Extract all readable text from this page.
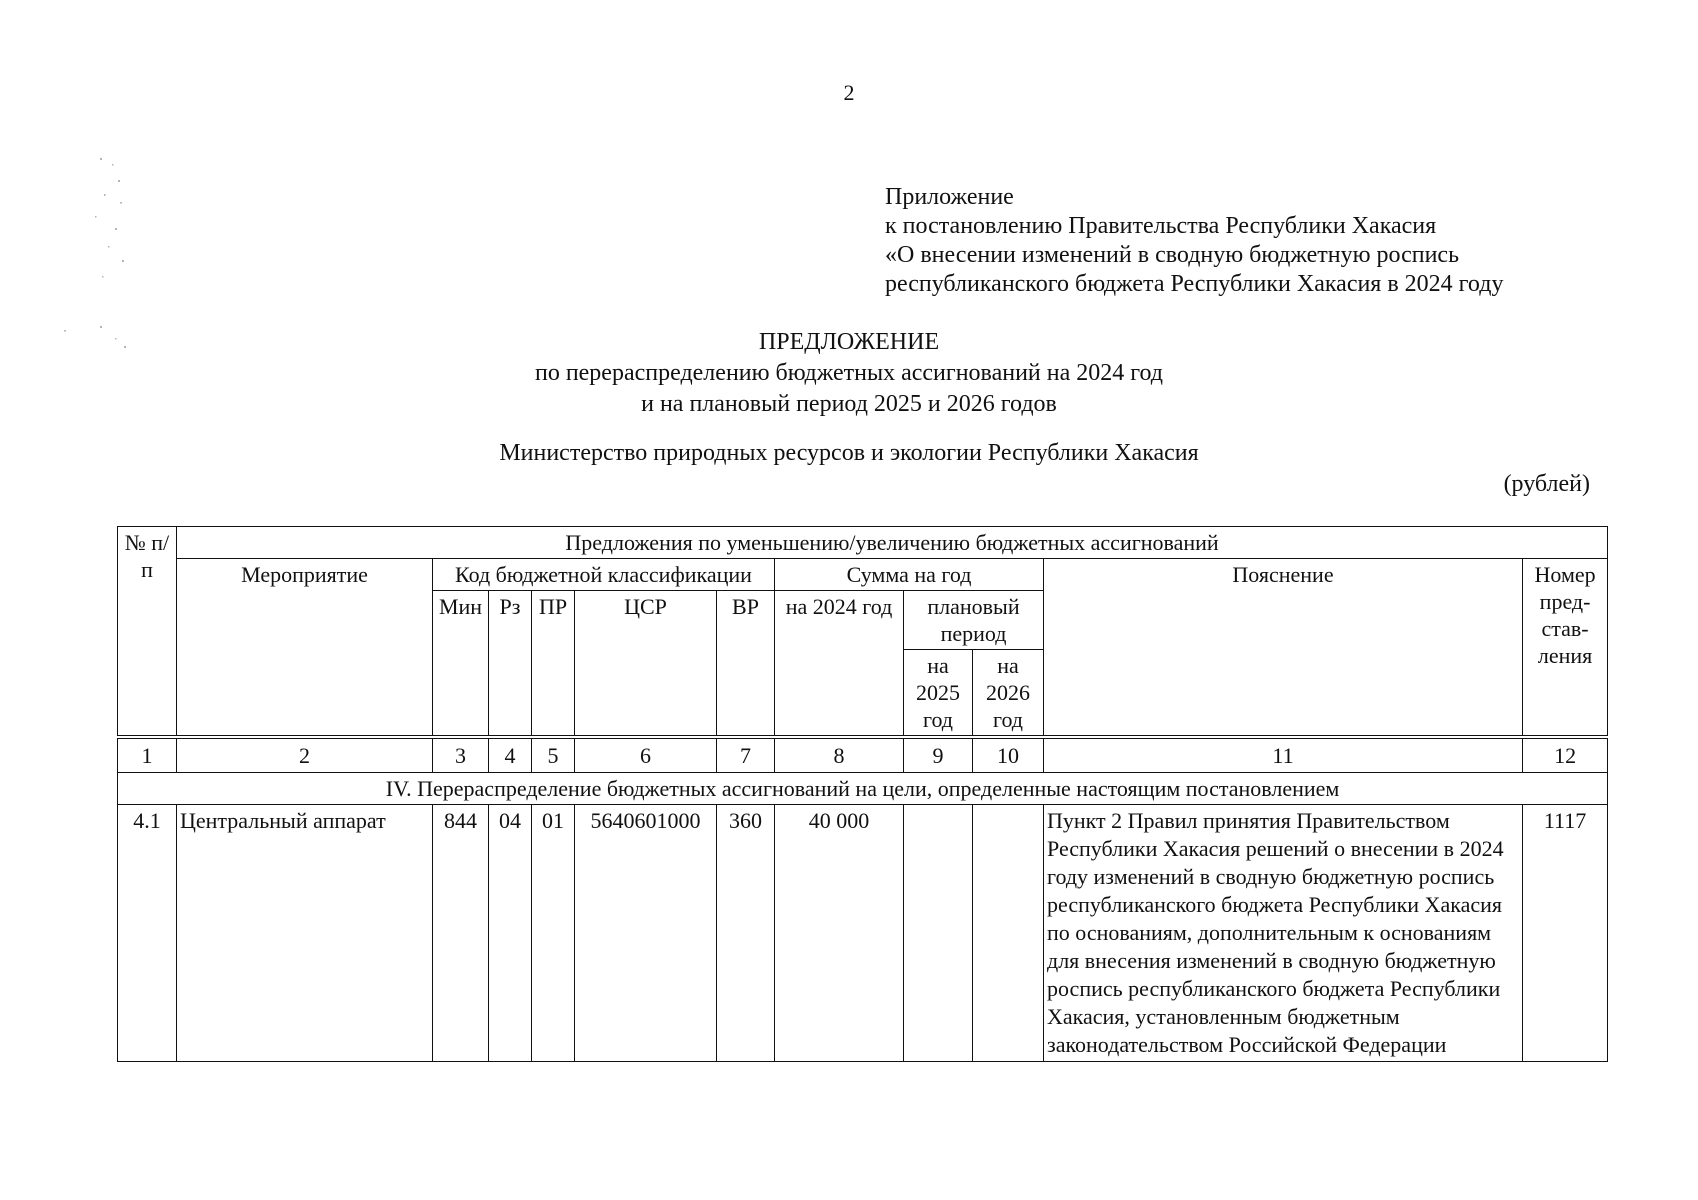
2
Приложение
к постановлению Правительства Республики Хакасия
«О внесении изменений в сводную бюджетную роспись
республиканского бюджета Республики Хакасия в 2024 году
ПРЕДЛОЖЕНИЕ
по перераспределению бюджетных ассигнований на 2024 год
и на плановый период 2025 и 2026 годов
Министерство природных ресурсов и экологии Республики Хакасия
(рублей)
№ п/п	Предложения по уменьшению/увеличению бюджетных ассигнований										
	Мероприятие	Код бюджетной классификации					Сумма на год			Пояснение	Номер пред-став-ления
		Мин	Рз	ПР	ЦСР	ВР	на 2024 год	плановый период			
								на 2025 год	на 2026 год		

1	2	3	4	5	6	7	8	9	10	11	12
IV. Перераспределение бюджетных ассигнований на цели, определенные настоящим постановлением											
4.1	Центральный аппарат	844	04	01	5640601000	360	40 000			Пункт 2 Правил принятия Правительством Республики Хакасия решений о внесении в 2024 году изменений в сводную бюджетную роспись республиканского бюджета Республики Хакасия по основаниям, дополнительным к основаниям для внесения изменений в сводную бюджетную роспись республиканского бюджета Республики Хакасия, установленным бюджетным законодательством Российской Федерации	1117
